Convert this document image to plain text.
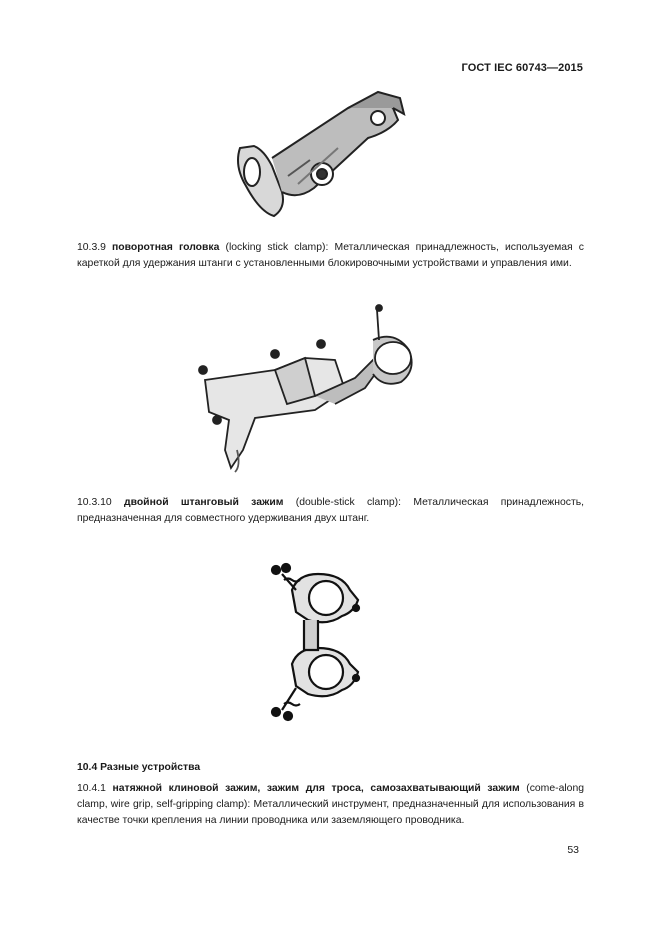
ГОСТ IEC 60743—2015
10.3.9 поворотная головка (locking stick clamp): Металлическая принадлежность, используемая с кареткой для удержания штанги с установленными блокировочными устройствами и управления ими.
10.3.10 двойной штанговый зажим (double-stick clamp): Металлическая принадлежность, предназначенная для совместного удерживания двух штанг.
10.4 Разные устройства
10.4.1 натяжной клиновой зажим, зажим для троса, самозахватывающий зажим (come-along clamp, wire grip, self-gripping clamp): Металлический инструмент, предназначенный для использования в качестве точки крепления на линии проводника или заземляющего проводника.
53
